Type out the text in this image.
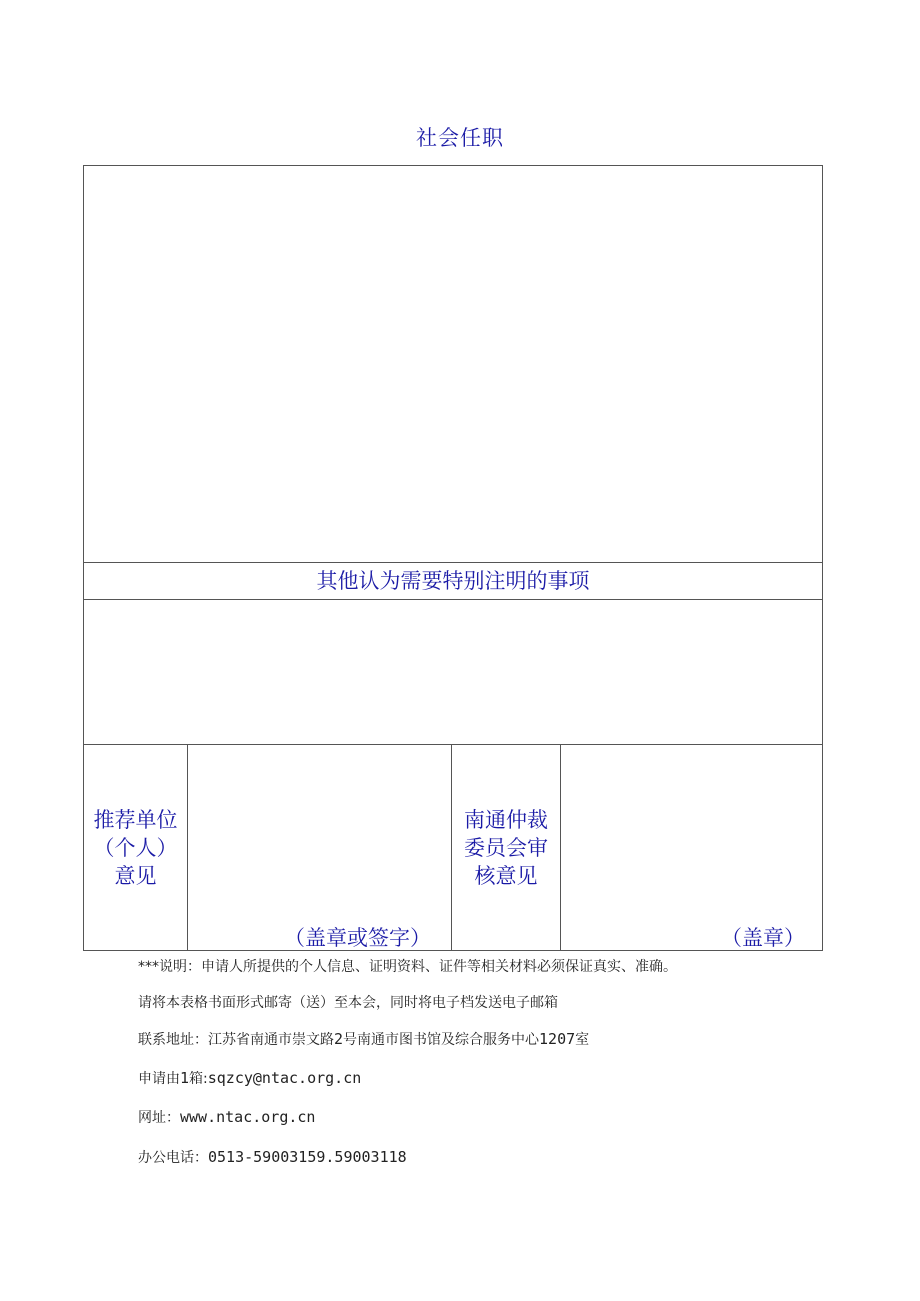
社会任职
其他认为需要特别注明的事项
推荐单位
（个人）
意见
（盖章或签字）
南通仲裁
委员会审
核意见
（盖章）
***说明：申请人所提供的个人信息、证明资料、证件等相关材料必须保证真实、准确。
请将本表格书面形式邮寄（送）至本会，同时将电子档发送电子邮箱
联系地址：江苏省南通市崇文路2号南通市图书馆及综合服务中心1207室
申请由1箱:sqzcy@ntac.org.cn
网址：www.ntac.org.cn
办公电话：0513-59003159.59003118
